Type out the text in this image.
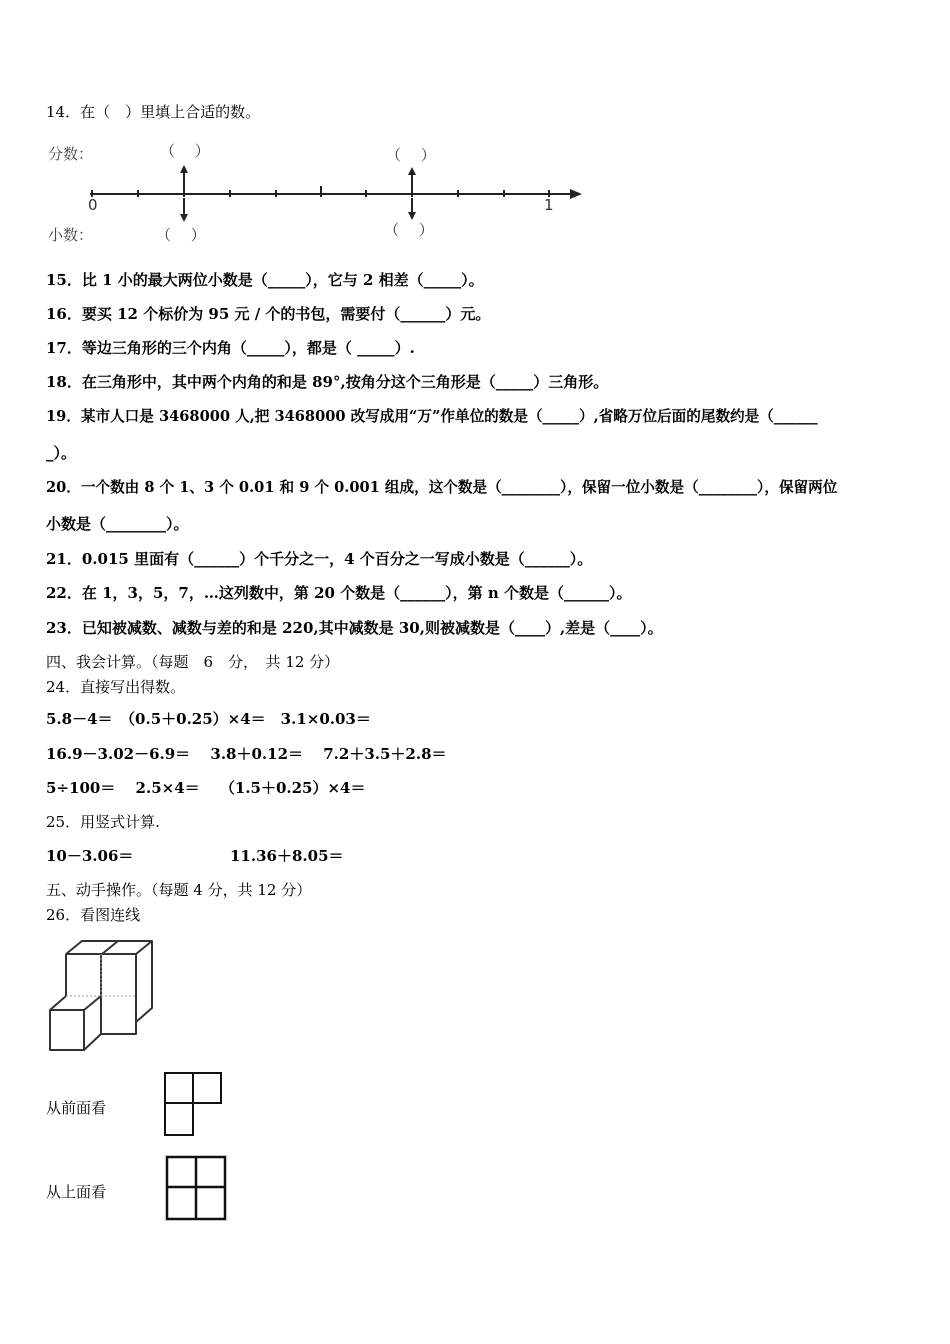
14．在（　）里填上合适的数。
分数：
小数：
（　 ）	（　 ）
（　 ）	（　 ）
0	1
15．比 1 小的最大两位小数是（_____），它与 2 相差（_____）。
16．要买 12 个标价为 95 元 / 个的书包，需要付（______）元。
17．等边三角形的三个内角（_____），都是（ _____）.
18．在三角形中，其中两个内角的和是 89°,按角分这个三角形是（_____）三角形。
19．某市人口是 3468000 人,把 3468000 改写成用“万”作单位的数是（_____）,省略万位后面的尾数约是（______
_）。
20．一个数由 8 个 1、3 个 0.01 和 9 个 0.001 组成，这个数是（________），保留一位小数是（________），保留两位
小数是（________）。
21．0.015 里面有（______）个千分之一，4 个百分之一写成小数是（______）。
22．在 1，3，5，7，…这列数中，第 20 个数是（______），第 n 个数是（______）。
23．已知被减数、减数与差的和是 220,其中减数是 30,则被减数是（____）,差是（____）。
四、我会计算。（每题　6　分，　共 12 分）
24．直接写出得数。
5.8－4＝　（0.5＋0.25）×4＝　3.1×0.03＝
16.9－3.02－6.9＝　 3.8＋0.12＝　 7.2＋3.5＋2.8＝
5÷100＝　 2.5×4＝　 （1.5＋0.25）×4＝
25．用竖式计算.
10－3.06＝	11.36＋8.05＝
五、动手操作。（每题 4 分，共 12 分）
26．看图连线
从前面看
从上面看
